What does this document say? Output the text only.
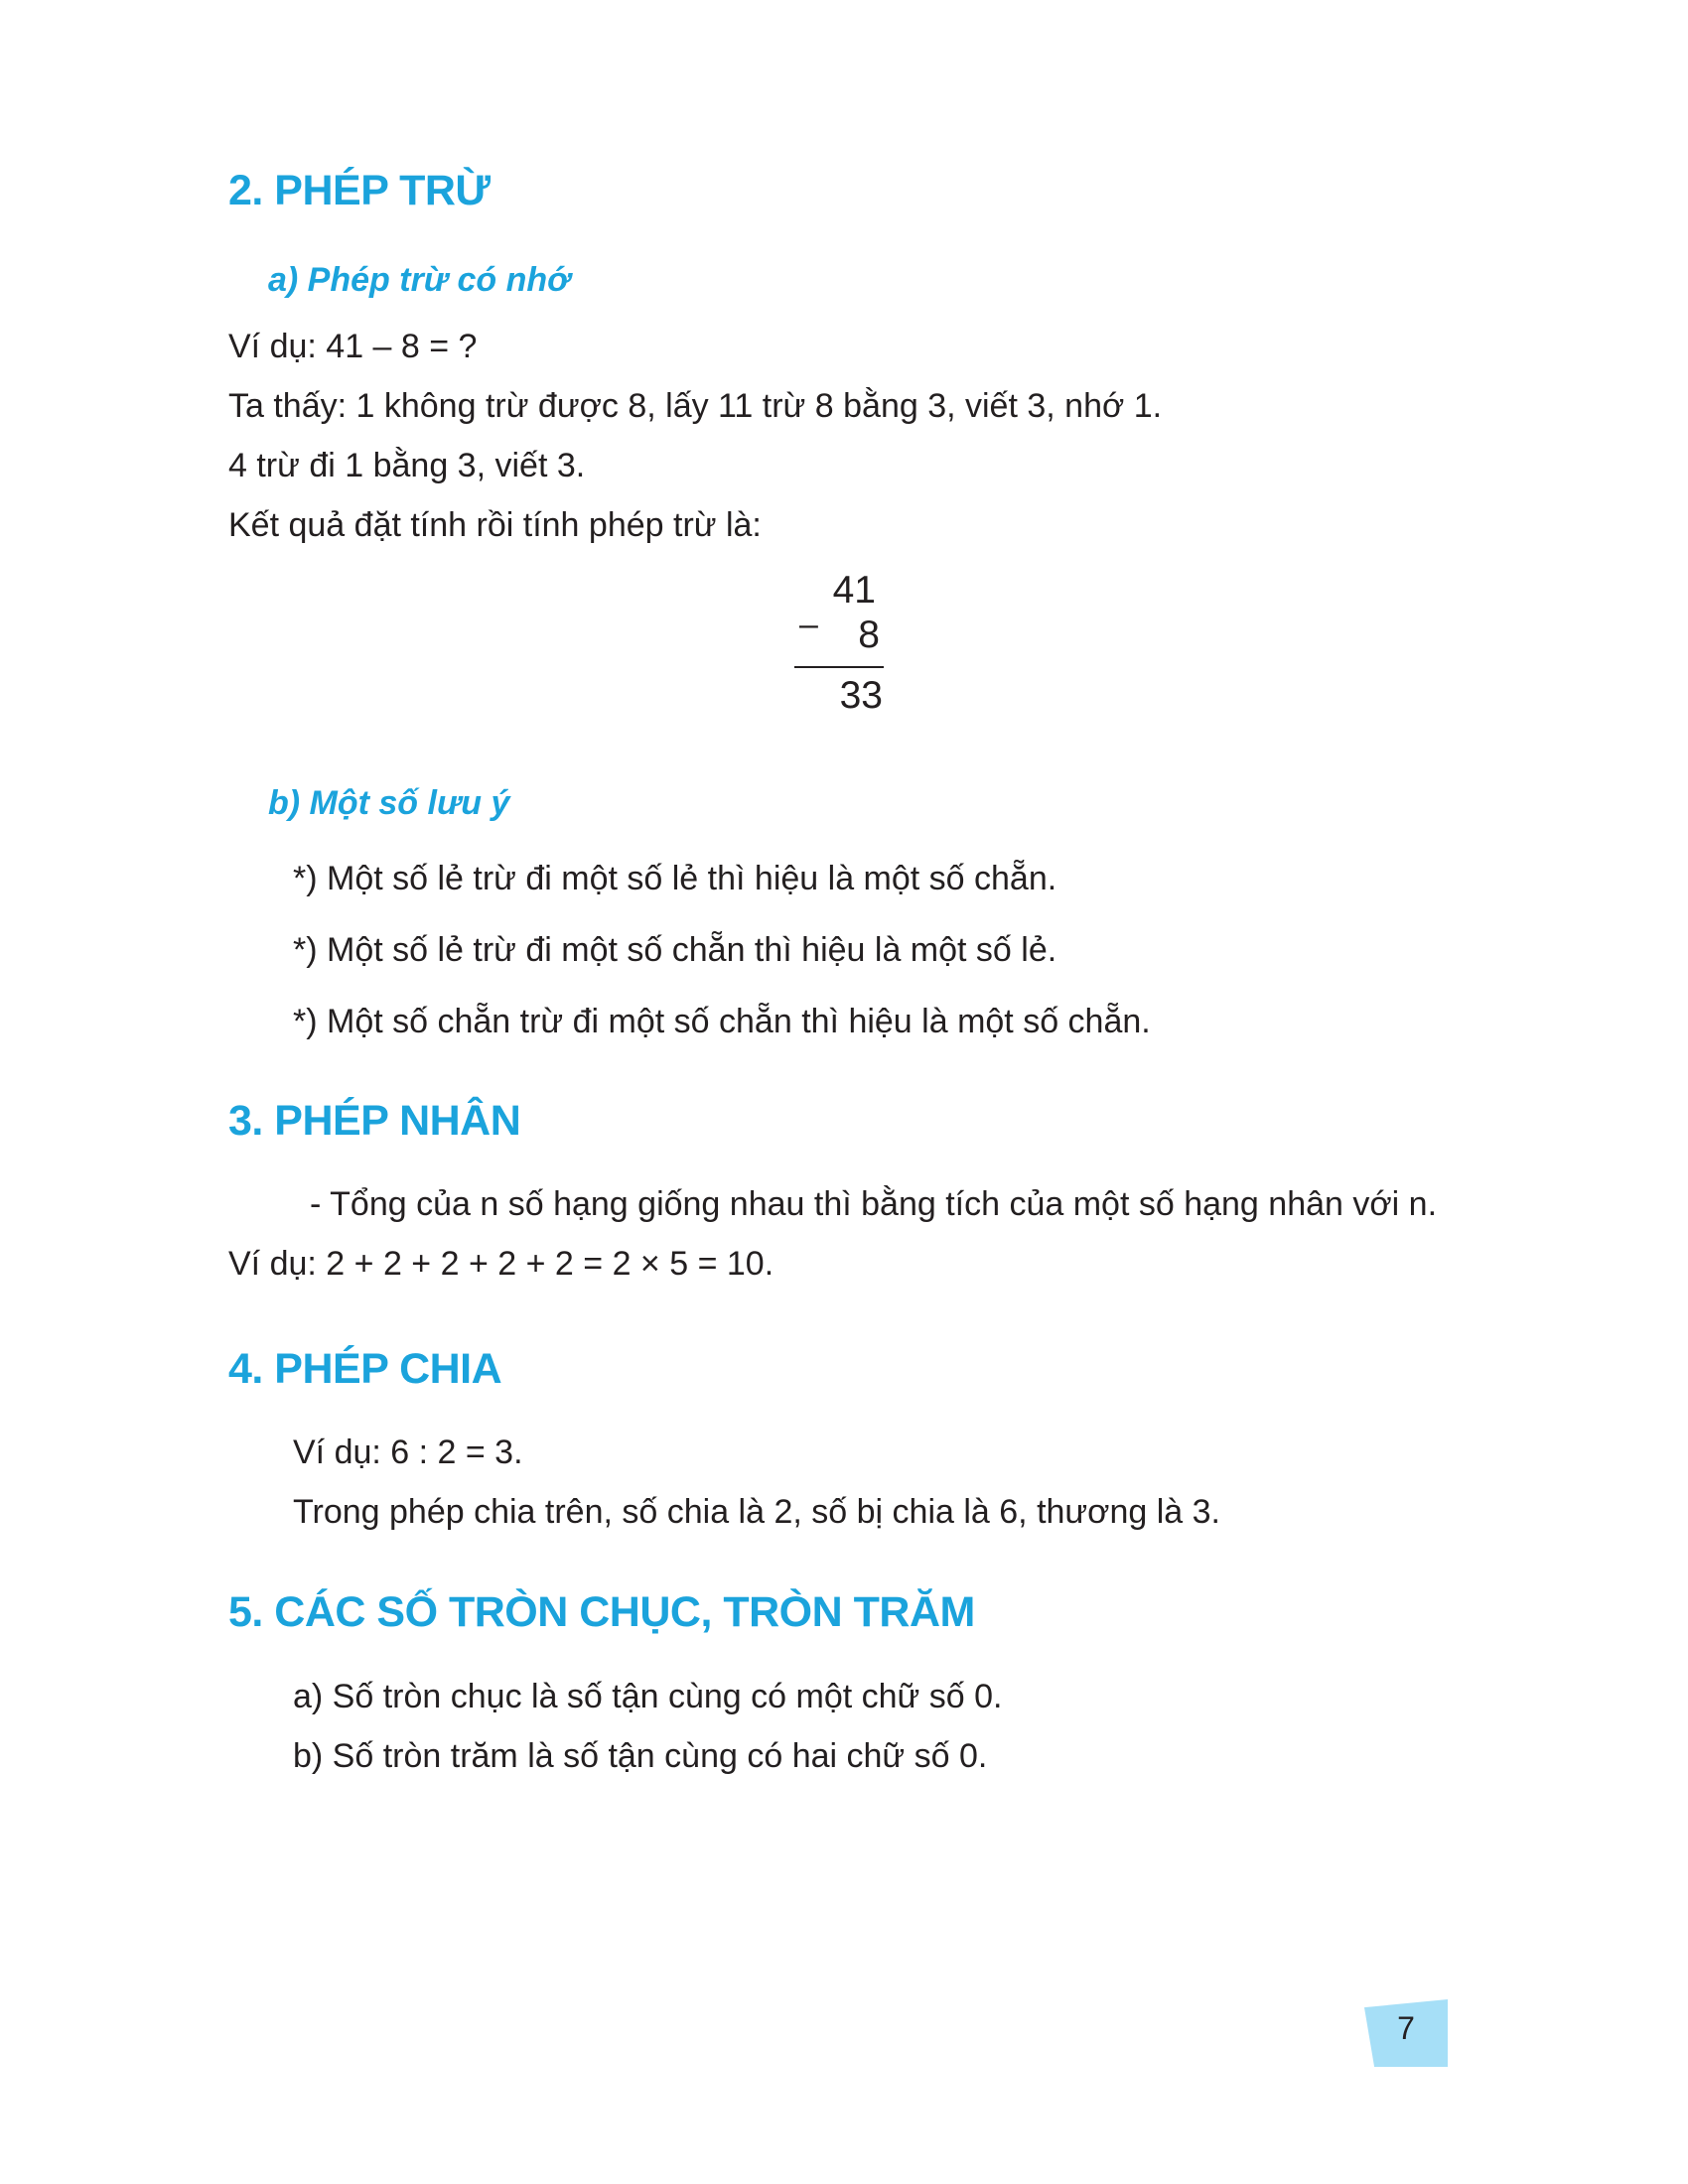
2. PHÉP TRỪ
a) Phép trừ có nhớ

Ví dụ: 41 – 8 = ?

Ta thấy: 1 không trừ được 8, lấy 11 trừ 8 bằng 3, viết 3, nhớ 1.

4 trừ đi 1 bằng 3, viết 3.

Kết quả đặt tính rồi tính phép trừ là:

41
–	8
33
b) Một số lưu ý

*) Một số lẻ trừ đi một số lẻ thì hiệu là một số chẵn.

*) Một số lẻ trừ đi một số chẵn thì hiệu là một số lẻ.

*) Một số chẵn trừ đi một số chẵn thì hiệu là một số chẵn.

3. PHÉP NHÂN

- Tổng của n số hạng giống nhau thì bằng tích của một số hạng nhân với n.

Ví dụ: 2 + 2 + 2 + 2 + 2 = 2 × 5 = 10.

4. PHÉP CHIA

Ví dụ: 6 : 2 = 3.

Trong phép chia trên, số chia là 2, số bị chia là 6, thương là 3.

5. CÁC SỐ TRÒN CHỤC, TRÒN TRĂM

a) Số tròn chục là số tận cùng có một chữ số 0.

b) Số tròn trăm là số tận cùng có hai chữ số 0.

7
